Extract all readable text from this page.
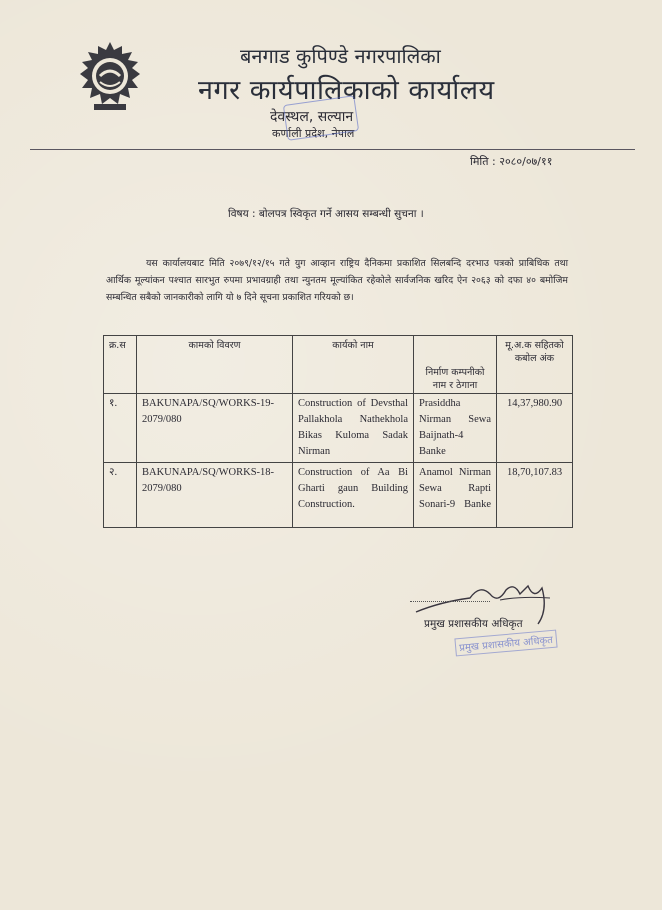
बनगाड कुपिण्डे नगरपालिका
नगर कार्यपालिकाको कार्यालय
देवस्थल, सल्यान
कर्णाली प्रदेश, नेपाल
मिति : २०८०/०७/११
विषय : बोलपत्र स्विकृत गर्ने आसय सम्बन्धी सुचना ।
यस कार्यालयबाट मिति २०७९/१२/१५ गते युग आव्हान राष्ट्रिय दैनिकमा प्रकाशित सिलबन्दि दरभाउ पत्रको प्राबिधिक तथा आर्थिक मूल्यांकन पश्चात सारभुत रुपमा प्रभावग्राही तथा न्युनतम मूल्यांकित रहेकोले सार्वजनिक खरिद ऐन २०६३ को दफा ४० बमोजिम सम्बन्धित सबैको जानकारीको लागि यो ७ दिने सूचना प्रकाशित गरियको छ।
क्र.स	कामको विवरण	कार्यको नाम	निर्माण कम्पनीको नाम र ठेगाना	मू.अ.क सहितको कबोल अंक
१.	BAKUNAPA/SQ/WORKS-19-2079/080	Construction of Devsthal Pallakhola Nathekhola Bikas Kuloma Sadak Nirman	Prasiddha Nirman Sewa Baijnath-4 Banke	14,37,980.90
२.	BAKUNAPA/SQ/WORKS-18-2079/080	Construction of Aa Bi Gharti gaun Building Construction.	Anamol Nirman Sewa Rapti Sonari-9 Banke	18,70,107.83
प्रमुख प्रशासकीय अधिकृत
प्रमुख प्रशासकीय अधिकृत
